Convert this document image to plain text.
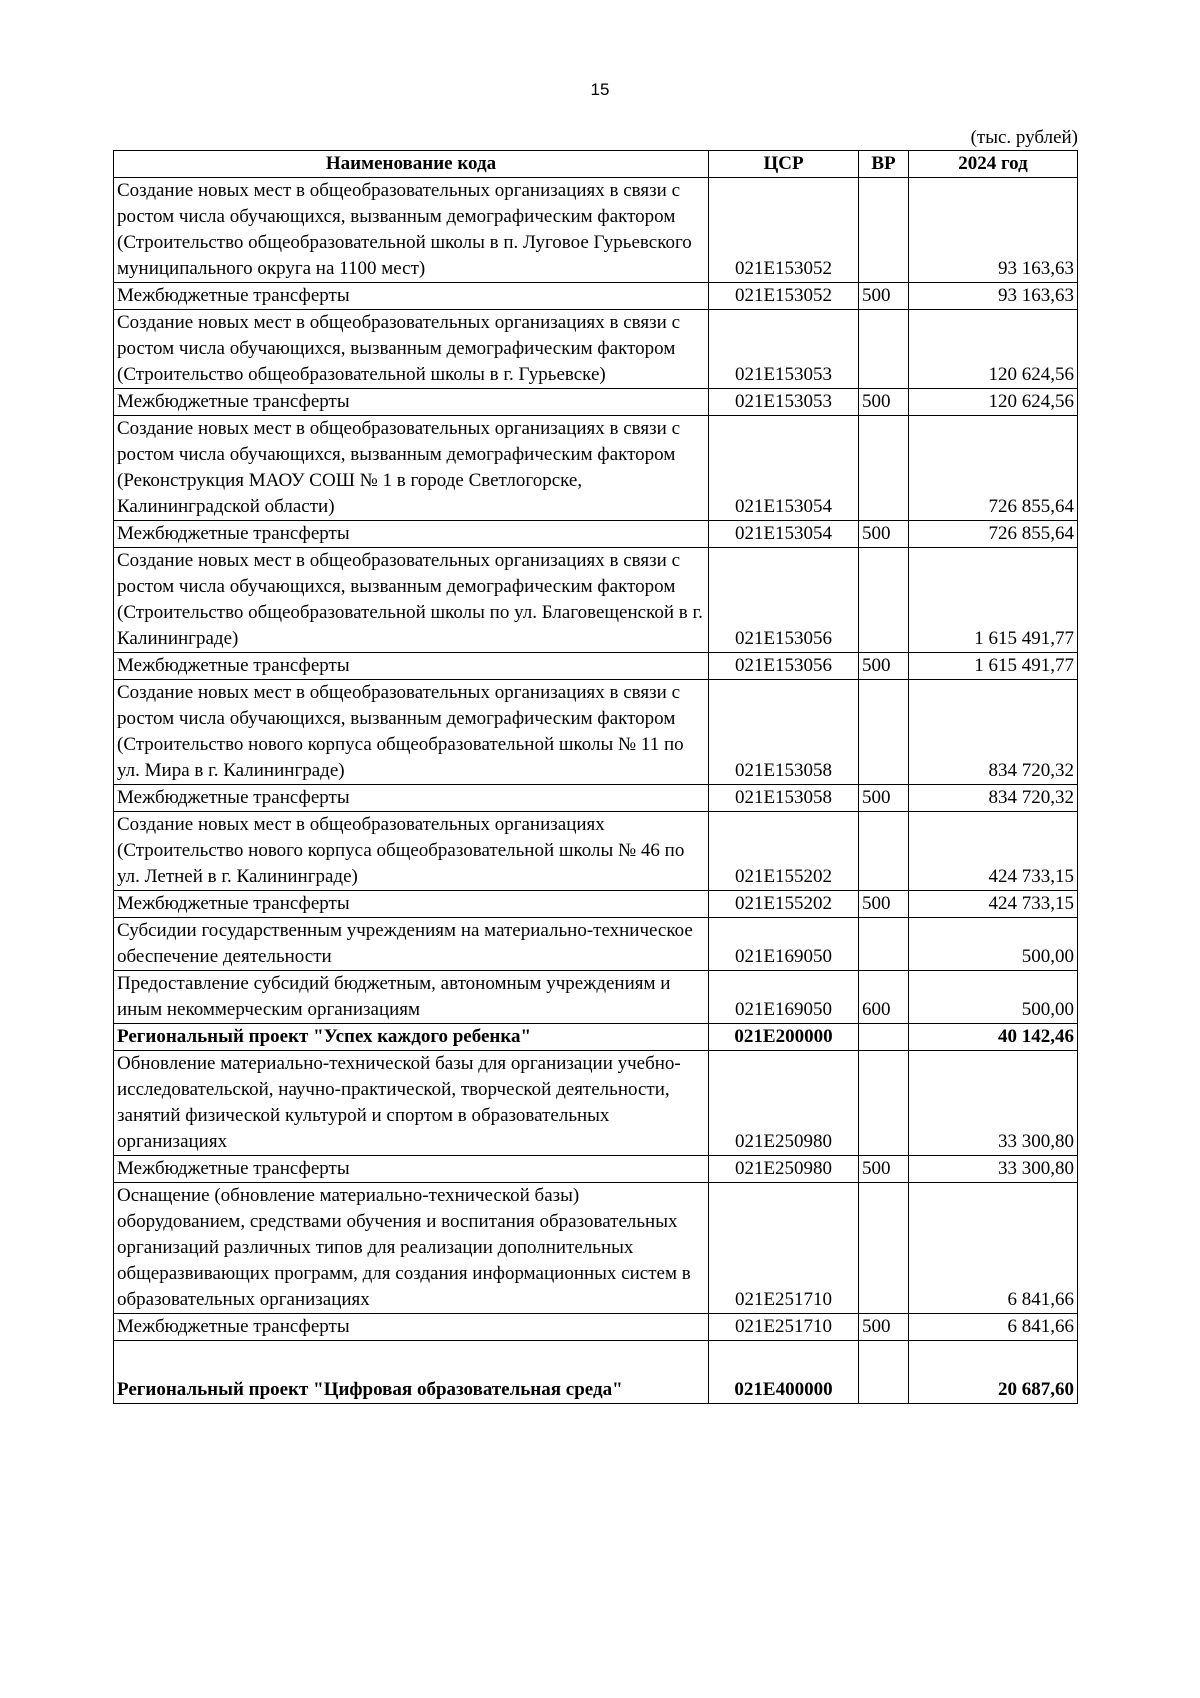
15
(тыс. рублей)
Наименование кода	ЦСР	ВР	2024 год
Создание новых мест в общеобразовательных организациях в связи с ростом числа обучающихся, вызванным демографическим фактором (Строительство общеобразовательной школы в п. Луговое Гурьевского муниципального округа на 1100 мест)	021E153052		93 163,63
Межбюджетные трансферты	021E153052	500	93 163,63
Создание новых мест в общеобразовательных организациях в связи с ростом числа обучающихся, вызванным демографическим фактором (Строительство общеобразовательной школы в г. Гурьевске)	021E153053		120 624,56
Межбюджетные трансферты	021E153053	500	120 624,56
Создание новых мест в общеобразовательных организациях в связи с ростом числа обучающихся, вызванным демографическим фактором (Реконструкция МАОУ СОШ № 1 в городе Светлогорске, Калининградской области)	021E153054		726 855,64
Межбюджетные трансферты	021E153054	500	726 855,64
Создание новых мест в общеобразовательных организациях в связи с ростом числа обучающихся, вызванным демографическим фактором (Строительство общеобразовательной школы по ул. Благовещенской в г. Калининграде)	021E153056		1 615 491,77
Межбюджетные трансферты	021E153056	500	1 615 491,77
Создание новых мест в общеобразовательных организациях в связи с ростом числа обучающихся, вызванным демографическим фактором (Строительство нового корпуса общеобразовательной школы № 11 по ул. Мира в г. Калининграде)	021E153058		834 720,32
Межбюджетные трансферты	021E153058	500	834 720,32
Создание новых мест в общеобразовательных организациях (Строительство нового корпуса общеобразовательной школы № 46 по ул. Летней в г. Калининграде)	021E155202		424 733,15
Межбюджетные трансферты	021E155202	500	424 733,15
Субсидии государственным учреждениям на материально-техническое обеспечение деятельности	021E169050		500,00
Предоставление субсидий бюджетным, автономным учреждениям и иным некоммерческим организациям	021E169050	600	500,00
Региональный проект "Успех каждого ребенка"	021E200000		40 142,46
Обновление материально-технической базы для организации учебно-исследовательской, научно-практической, творческой деятельности, занятий физической культурой и спортом в образовательных организациях	021E250980		33 300,80
Межбюджетные трансферты	021E250980	500	33 300,80
Оснащение (обновление материально-технической базы) оборудованием, средствами обучения и воспитания образовательных организаций различных типов для реализации дополнительных общеразвивающих программ, для создания информационных систем в образовательных организациях	021E251710		6 841,66
Межбюджетные трансферты	021E251710	500	6 841,66
Региональный проект "Цифровая образовательная среда"	021E400000		20 687,60
